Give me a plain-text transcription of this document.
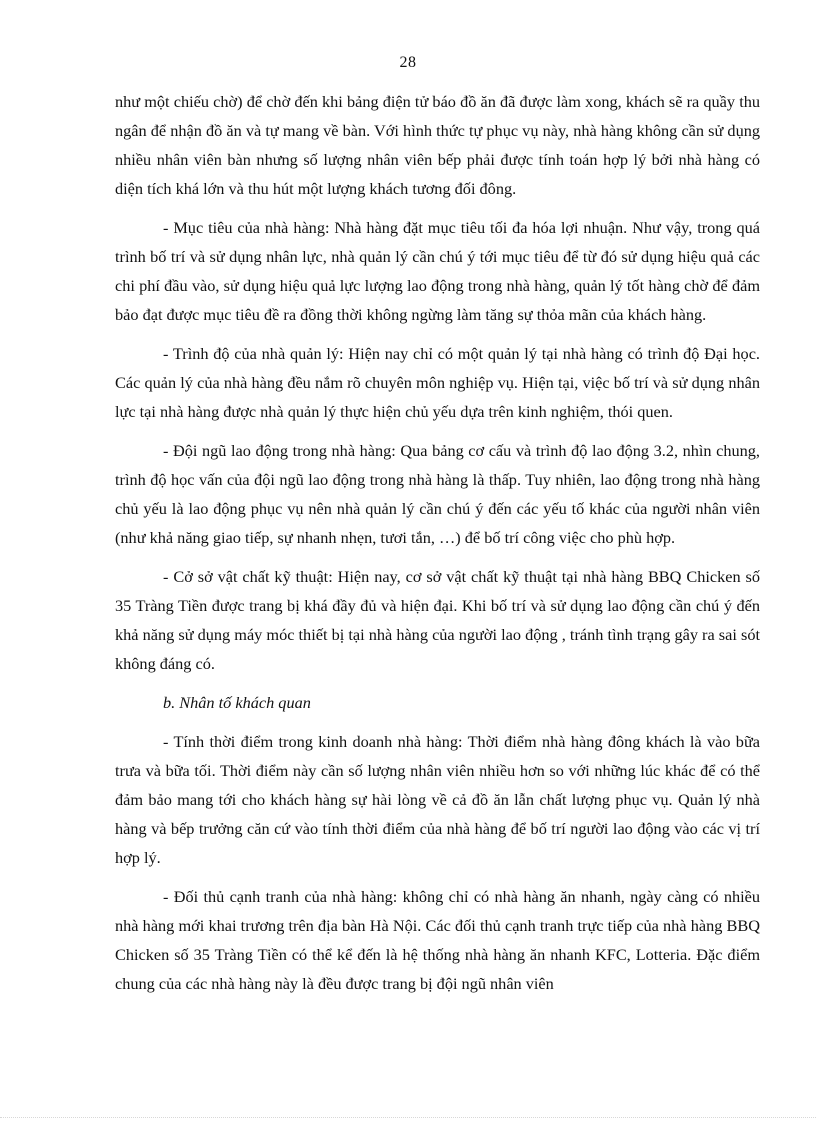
28

như một chiếu chờ) để chờ đến khi bảng điện tử báo đồ ăn đã được làm xong, khách sẽ ra quầy thu ngân để nhận đồ ăn và tự mang về bàn. Với hình thức tự phục vụ này, nhà hàng không cần sử dụng nhiều nhân viên bàn nhưng số lượng nhân viên bếp phải được tính toán hợp lý bởi nhà hàng có diện tích khá lớn và thu hút một lượng khách tương đối đông.

- Mục tiêu của nhà hàng: Nhà hàng đặt mục tiêu tối đa hóa lợi nhuận. Như vậy, trong quá trình bố trí và sử dụng nhân lực, nhà quản lý cần chú ý tới mục tiêu để từ đó sử dụng hiệu quả các chi phí đầu vào, sử dụng hiệu quả lực lượng lao động trong nhà hàng, quản lý tốt hàng chờ để đảm bảo đạt được mục tiêu đề ra đồng thời không ngừng làm tăng sự thỏa mãn của khách hàng.

- Trình độ của nhà quản lý: Hiện nay chỉ có một quản lý tại nhà hàng có trình độ Đại học. Các quản lý của nhà hàng đều nắm rõ chuyên môn nghiệp vụ. Hiện tại, việc bố trí và sử dụng nhân lực tại nhà hàng được nhà quản lý thực hiện chủ yếu dựa trên kinh nghiệm, thói quen.

- Đội ngũ lao động trong nhà hàng: Qua bảng cơ cấu và trình độ lao động 3.2, nhìn chung, trình độ học vấn của đội ngũ lao động trong nhà hàng là thấp. Tuy nhiên, lao động trong nhà hàng chủ yếu là lao động phục vụ nên nhà quản lý cần chú ý đến các yếu tố khác của người nhân viên (như khả năng giao tiếp, sự nhanh nhẹn, tươi tắn, …) để bố trí công việc cho phù hợp.

- Cở sở vật chất kỹ thuật: Hiện nay, cơ sở vật chất kỹ thuật tại nhà hàng BBQ Chicken số 35 Tràng Tiền được trang bị khá đầy đủ và hiện đại. Khi bố trí và sử dụng lao động cần chú ý đến khả năng sử dụng máy móc thiết bị tại nhà hàng của người lao động , tránh tình trạng gây ra sai sót không đáng có.

b. Nhân tố khách quan

- Tính thời điểm trong kinh doanh nhà hàng: Thời điểm nhà hàng đông khách là vào bữa trưa và bữa tối. Thời điểm này cần số lượng nhân viên nhiều hơn so với những lúc khác để có thể đảm bảo mang tới cho khách hàng sự hài lòng về cả đồ ăn lẫn chất lượng phục vụ. Quản lý nhà hàng và bếp trưởng căn cứ vào tính thời điểm của nhà hàng để bố trí người lao động vào các vị trí hợp lý.

- Đối thủ cạnh tranh của nhà hàng: không chỉ có nhà hàng ăn nhanh, ngày càng có nhiều nhà hàng mới khai trương trên địa bàn Hà Nội. Các đối thủ cạnh tranh trực tiếp của nhà hàng BBQ Chicken số 35 Tràng Tiền có thể kể đến là hệ thống nhà hàng ăn nhanh KFC, Lotteria. Đặc điểm chung của các nhà hàng này là đều được trang bị đội ngũ nhân viên
